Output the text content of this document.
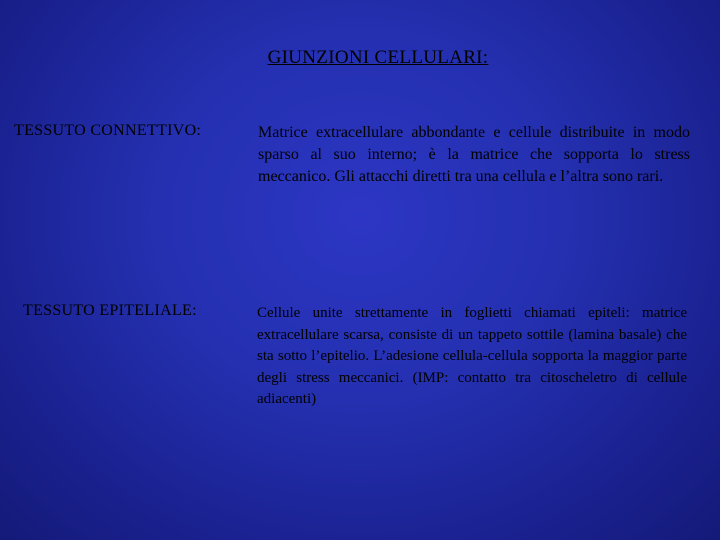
GIUNZIONI CELLULARI:
TESSUTO CONNETTIVO:	Matrice extracellulare abbondante e cellule distribuite in modo sparso al suo interno; è la matrice che sopporta lo stress meccanico. Gli attacchi diretti tra una cellula e l’altra sono rari.
TESSUTO EPITELIALE:	Cellule unite strettamente in foglietti chiamati epiteli: matrice extracellulare scarsa, consiste di un tappeto sottile (lamina basale) che sta sotto l’epitelio. L’adesione cellula-cellula sopporta la maggior parte degli stress meccanici. (IMP: contatto tra citoscheletro di cellule adiacenti)
